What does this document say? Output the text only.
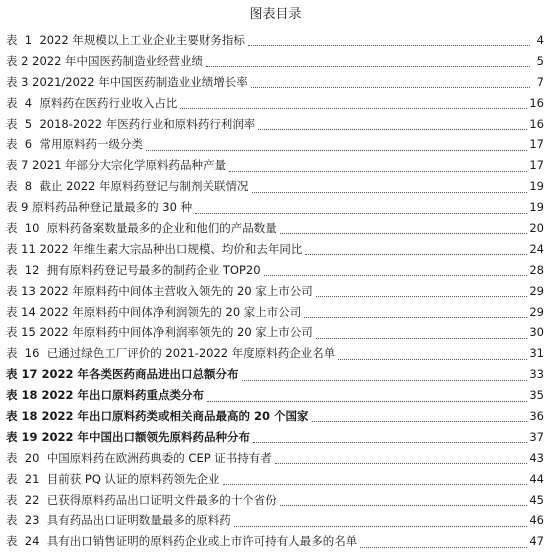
图表目录
表  1  2022 年规模以上工业企业主要财务指标	4
表 2 2022 年中国医药制造业经营业绩	5
表 3 2021/2022 年中国医药制造业业绩增长率	7
表  4  原料药在医药行业收入占比	16
表  5  2018-2022 年医药行业和原料药行利润率	16
表  6  常用原料药一级分类	17
表 7 2021 年部分大宗化学原料药品种产量	17
表  8  截止 2022 年原料药登记与制剂关联情况	19
表 9 原料药品种登记量最多的 30 种	19
表  10  原料药备案数量最多的企业和他们的产品数量	20
表 11 2022 年维生素大宗品种出口规模、均价和去年同比	24
表  12  拥有原料药登记号最多的制药企业 TOP20	28
表 13 2022 年原料药中间体主营收入领先的 20 家上市公司	29
表 14 2022 年原料药中间体净利润领先的 20 家上市公司	29
表 15 2022 年原料药中间体净利润率领先的 20 家上市公司	30
表  16  已通过绿色工厂评价的 2021-2022 年度原料药企业名单	31
表 17 2022 年各类医药商品进出口总额分布	33
表 18 2022 年出口原料药重点类分布	35
表 18 2022 年出口原料药类或相关商品最高的 20 个国家	36
表 19 2022 年中国出口额领先原料药品种分布	37
表  20  中国原料药在欧洲药典委的 CEP 证书持有者	43
表  21  目前获 PQ 认证的原料药领先企业	44
表  22  已获得原料药品出口证明文件最多的十个省份	45
表  23  具有药品出口证明数量最多的原料药	46
表  24  具有出口销售证明的原料药企业或上市许可持有人最多的名单	47
